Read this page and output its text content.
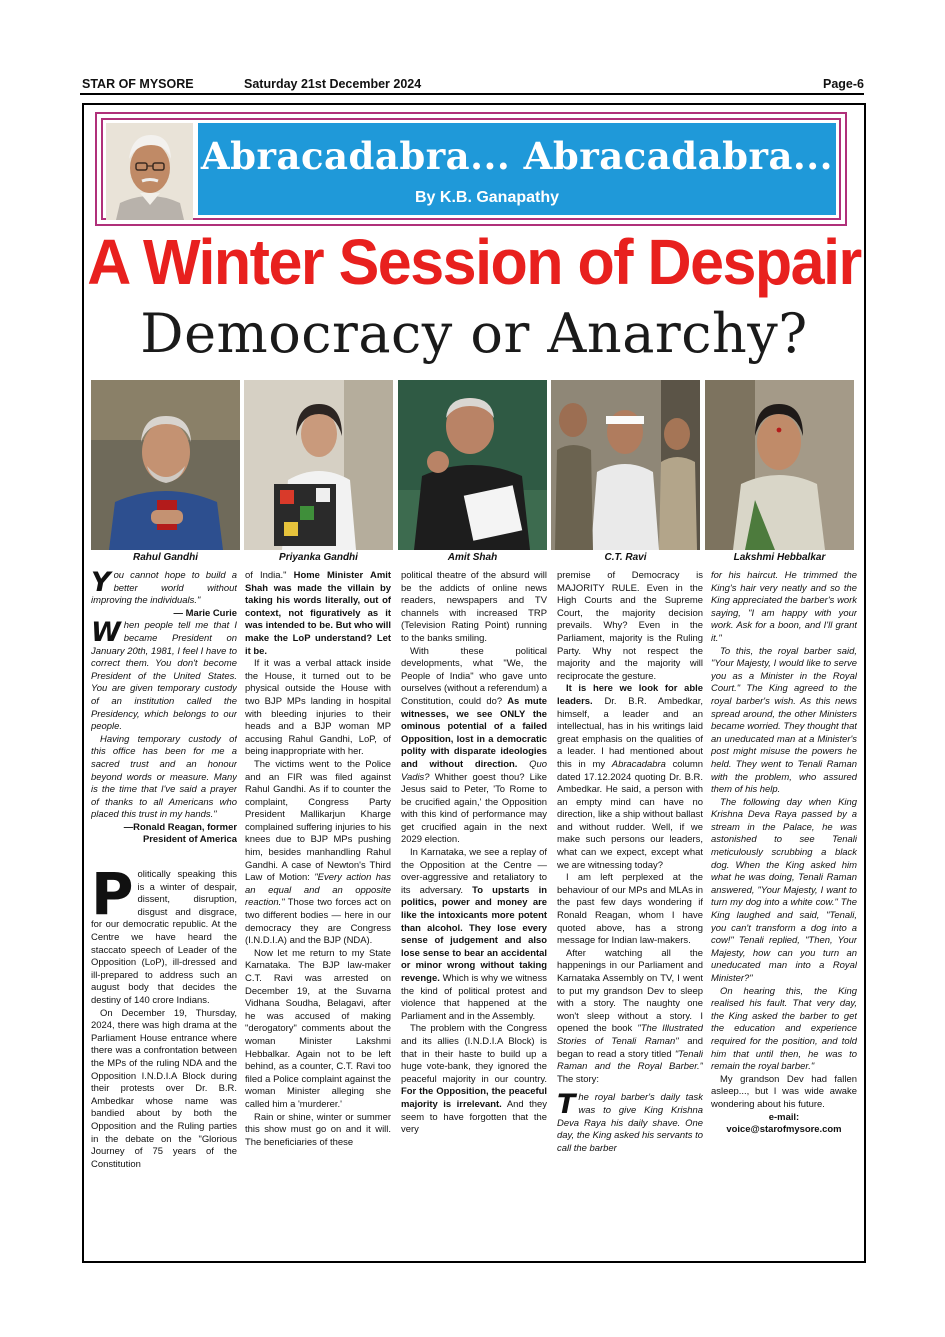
STAR OF MYSORE	Saturday 21st December 2024	Page-6
Abracadabra... Abracadabra...
By K.B. Ganapathy
A Winter Session of Despair
Democracy or Anarchy?
Rahul Gandhi	Priyanka Gandhi	Amit Shah	C.T. Ravi	Lakshmi Hebbalkar

You cannot hope to build a better world without improving the individuals."

— Marie Curie

When people tell me that I became President on January 20th, 1981, I feel I have to correct them. You don't become President of the United States. You are given temporary custody of an institution called the Presidency, which belongs to our people.

Having temporary custody of this office has been for me a sacred trust and an honour beyond words or measure. Many is the time that I've said a prayer of thanks to all Americans who placed this trust in my hands."

—Ronald Reagan, former

President of America

Politically speaking this is a winter of despair, dissent, disruption, disgust and disgrace, for our democratic republic. At the Centre we have heard the staccato speech of Leader of the Opposition (LoP), ill-dressed and ill-prepared to address such an august body that decides the destiny of 140 crore Indians.

On December 19, Thursday, 2024, there was high drama at the Parliament House entrance where there was a confrontation between the MPs of the ruling NDA and the Opposition I.N.D.I.A Block during their protests over Dr. B.R. Ambedkar whose name was bandied about by both the Opposition and the Ruling parties in the debate on the "Glorious Journey of 75 years of the Constitution

of India." Home Minister Amit Shah was made the villain by taking his words literally, out of context, not figuratively as it was intended to be. But who will make the LoP understand? Let it be.

If it was a verbal attack inside the House, it turned out to be physical outside the House with two BJP MPs landing in hospital with bleeding injuries to their heads and a BJP woman MP accusing Rahul Gandhi, LoP, of being inappropriate with her.

The victims went to the Police and an FIR was filed against Rahul Gandhi. As if to counter the complaint, Congress Party President Mallikarjun Kharge complained suffering injuries to his knees due to BJP MPs pushing him, besides manhandling Rahul Gandhi. A case of Newton's Third Law of Motion: "Every action has an equal and an opposite reaction." Those two forces act on two different bodies — here in our democracy they are Congress (I.N.D.I.A) and the BJP (NDA).

Now let me return to my State Karnataka. The BJP law-maker C.T. Ravi was arrested on December 19, at the Suvarna Vidhana Soudha, Belagavi, after he was accused of making "derogatory" comments about the woman Minister Lakshmi Hebbalkar. Again not to be left behind, as a counter, C.T. Ravi too filed a Police complaint against the woman Minister alleging she called him a 'murderer.'

Rain or shine, winter or summer this show must go on and it will. The beneficiaries of these

political theatre of the absurd will be the addicts of online news readers, newspapers and TV channels with increased TRP (Television Rating Point) running to the banks smiling.

With these political developments, what "We, the People of India" who gave unto ourselves (without a referendum) a Constitution, could do? As mute witnesses, we see ONLY the ominous potential of a failed Opposition, lost in a democratic polity with disparate ideologies and without direction. Quo Vadis? Whither goest thou? Like Jesus said to Peter, 'To Rome to be crucified again,' the Opposition with this kind of performance may get crucified again in the next 2029 election.

In Karnataka, we see a replay of the Opposition at the Centre — over-aggressive and retaliatory to its adversary. To upstarts in politics, power and money are like the intoxicants more potent than alcohol. They lose every sense of judgement and also lose sense to bear an accidental or minor wrong without taking revenge. Which is why we witness the kind of political protest and violence that happened at the Parliament and in the Assembly.

The problem with the Congress and its allies (I.N.D.I.A Block) is that in their haste to build up a huge vote-bank, they ignored the peaceful majority in our country. For the Opposition, the peaceful majority is irrelevant. And they seem to have forgotten that the very

premise of Democracy is MAJORITY RULE. Even in the High Courts and the Supreme Court, the majority decision prevails. Why? Even in the Parliament, majority is the Ruling Party. Why not respect the majority and the majority will reciprocate the gesture.

It is here we look for able leaders. Dr. B.R. Ambedkar, himself, a leader and an intellectual, has in his writings laid great emphasis on the qualities of a leader. I had mentioned about this in my Abracadabra column dated 17.12.2024 quoting Dr. B.R. Ambedkar. He said, a person with an empty mind can have no direction, like a ship without ballast and without rudder. Well, if we make such persons our leaders, what can we expect, except what we are witnessing today?

I am left perplexed at the behaviour of our MPs and MLAs in the past few days wondering if Ronald Reagan, whom I have quoted above, has a strong message for Indian law-makers.

After watching all the happenings in our Parliament and Karnataka Assembly on TV, I went to put my grandson Dev to sleep with a story. The naughty one won't sleep without a story. I opened the book "The Illustrated Stories of Tenali Raman" and began to read a story titled "Tenali Raman and the Royal Barber." The story:

The royal barber's daily task was to give King Krishna Deva Raya his daily shave. One day, the King asked his servants to call the barber

for his haircut. He trimmed the King's hair very neatly and so the King appreciated the barber's work saying, "I am happy with your work. Ask for a boon, and I'll grant it."

To this, the royal barber said, "Your Majesty, I would like to serve you as a Minister in the Royal Court." The King agreed to the royal barber's wish. As this news spread around, the other Ministers became worried. They thought that an uneducated man at a Minister's post might misuse the powers he held. They went to Tenali Raman with the problem, who assured them of his help.

The following day when King Krishna Deva Raya passed by a stream in the Palace, he was astonished to see Tenali meticulously scrubbing a black dog. When the King asked him what he was doing, Tenali Raman answered, "Your Majesty, I want to turn my dog into a white cow." The King laughed and said, "Tenali, you can't transform a dog into a cow!" Tenali replied, "Then, Your Majesty, how can you turn an uneducated man into a Royal Minister?"

On hearing this, the King realised his fault. That very day, the King asked the barber to get the education and experience required for the position, and told him that until then, he was to remain the royal barber."

My grandson Dev had fallen asleep..., but I was wide awake wondering about his future.

e-mail:

voice@starofmysore.com
